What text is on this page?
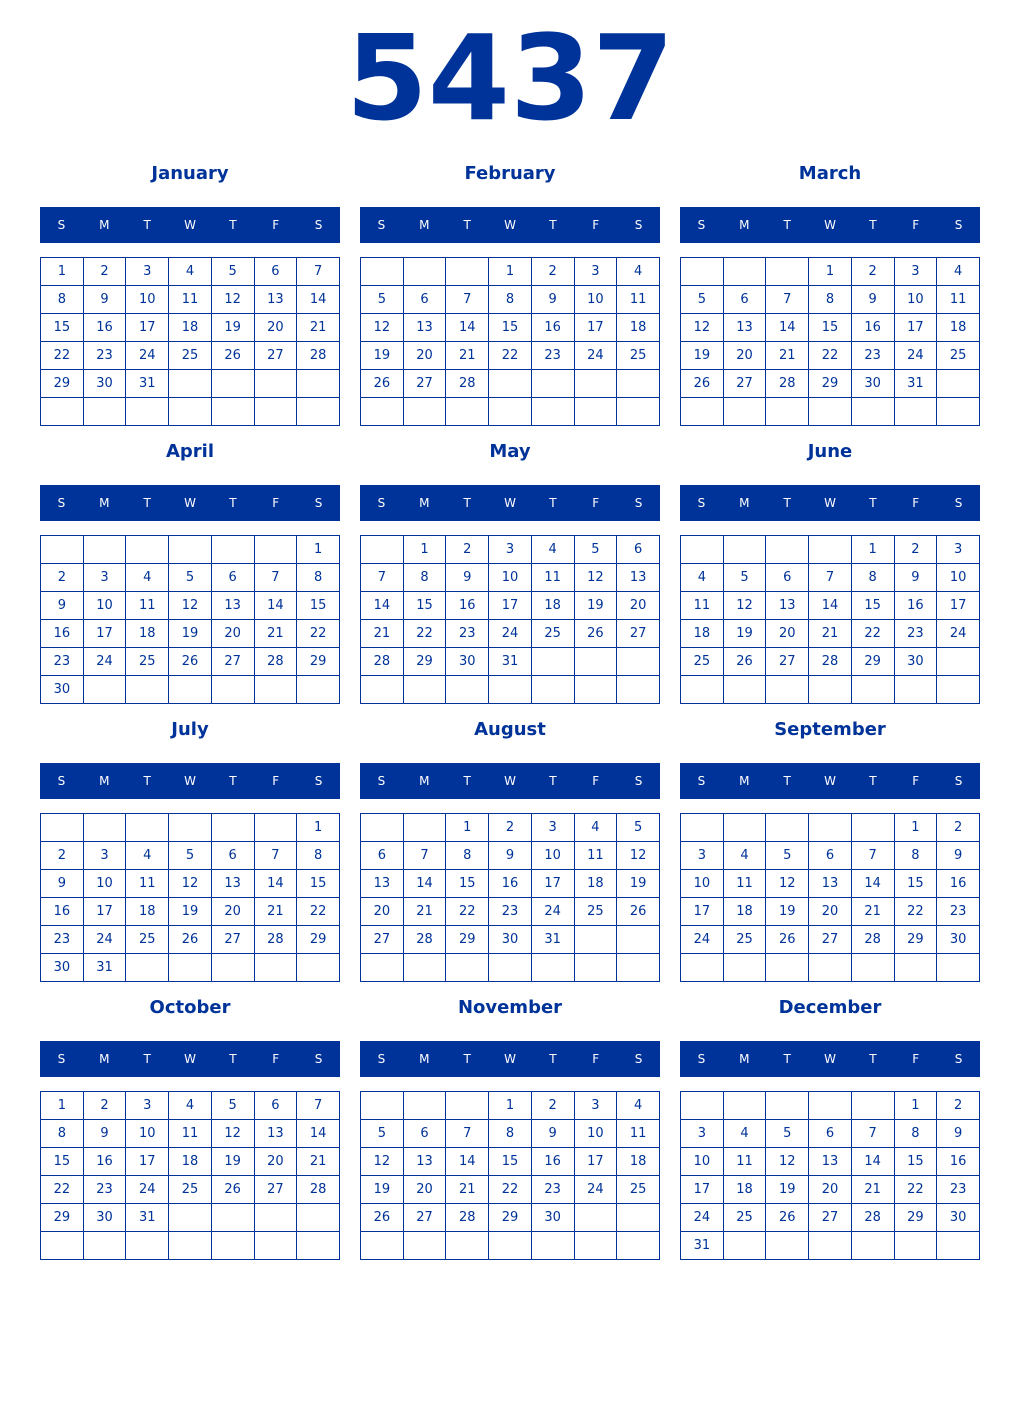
5437
January
S	M	T	W	T	F	S
1	2	3	4	5	6	7
8	9	10	11	12	13	14
15	16	17	18	19	20	21
22	23	24	25	26	27	28
29	30	31				

February
S	M	T	W	T	F	S
			1	2	3	4
5	6	7	8	9	10	11
12	13	14	15	16	17	18
19	20	21	22	23	24	25
26	27	28				

March
S	M	T	W	T	F	S
			1	2	3	4
5	6	7	8	9	10	11
12	13	14	15	16	17	18
19	20	21	22	23	24	25
26	27	28	29	30	31	

April
S	M	T	W	T	F	S
						1
2	3	4	5	6	7	8
9	10	11	12	13	14	15
16	17	18	19	20	21	22
23	24	25	26	27	28	29
30						
May
S	M	T	W	T	F	S
	1	2	3	4	5	6
7	8	9	10	11	12	13
14	15	16	17	18	19	20
21	22	23	24	25	26	27
28	29	30	31			

June
S	M	T	W	T	F	S
				1	2	3
4	5	6	7	8	9	10
11	12	13	14	15	16	17
18	19	20	21	22	23	24
25	26	27	28	29	30	

July
S	M	T	W	T	F	S
						1
2	3	4	5	6	7	8
9	10	11	12	13	14	15
16	17	18	19	20	21	22
23	24	25	26	27	28	29
30	31					
August
S	M	T	W	T	F	S
		1	2	3	4	5
6	7	8	9	10	11	12
13	14	15	16	17	18	19
20	21	22	23	24	25	26
27	28	29	30	31		

September
S	M	T	W	T	F	S
					1	2
3	4	5	6	7	8	9
10	11	12	13	14	15	16
17	18	19	20	21	22	23
24	25	26	27	28	29	30

October
S	M	T	W	T	F	S
1	2	3	4	5	6	7
8	9	10	11	12	13	14
15	16	17	18	19	20	21
22	23	24	25	26	27	28
29	30	31				

November
S	M	T	W	T	F	S
			1	2	3	4
5	6	7	8	9	10	11
12	13	14	15	16	17	18
19	20	21	22	23	24	25
26	27	28	29	30		

December
S	M	T	W	T	F	S
					1	2
3	4	5	6	7	8	9
10	11	12	13	14	15	16
17	18	19	20	21	22	23
24	25	26	27	28	29	30
31						
